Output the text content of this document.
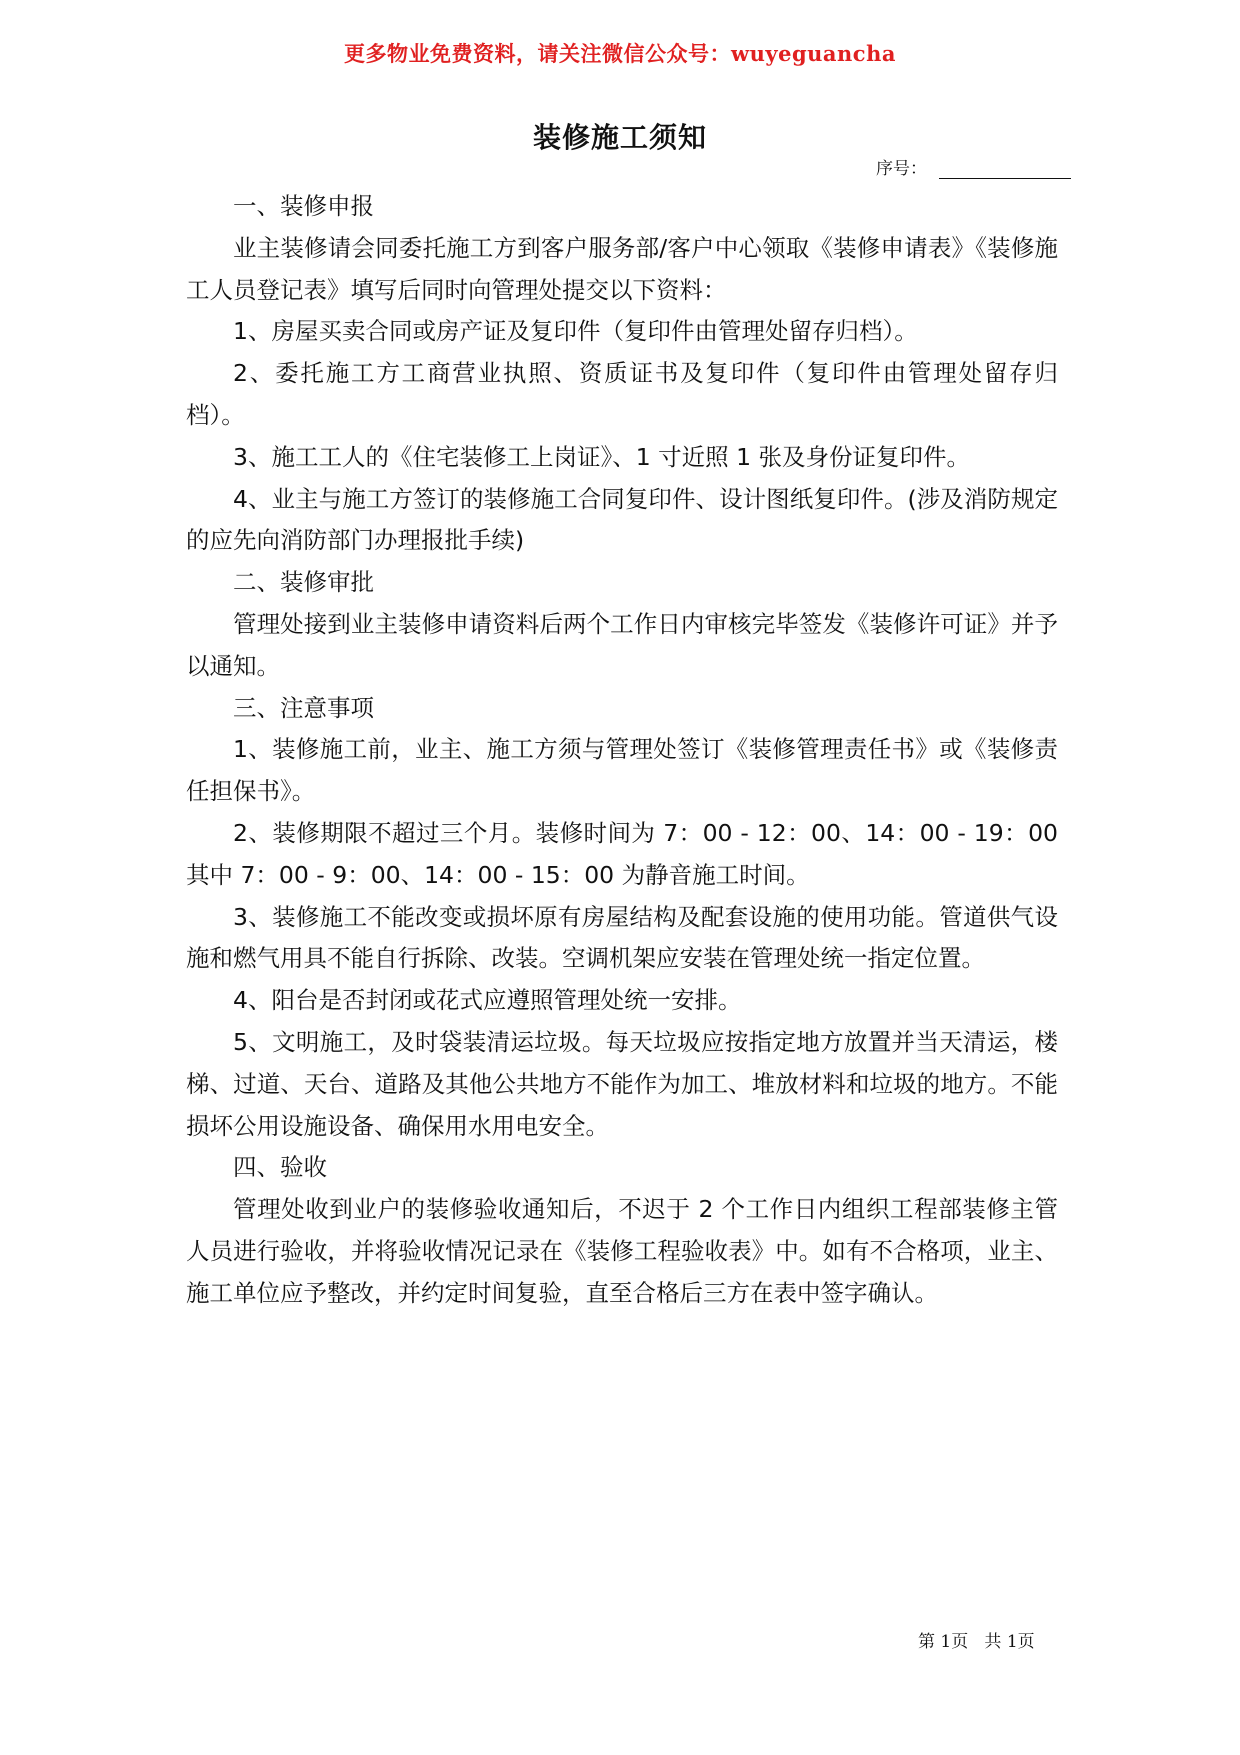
更多物业免费资料，请关注微信公众号：wuyeguancha
装修施工须知
序号：

一、装修申报

业主装修请会同委托施工方到客户服务部/客户中心领取《装修申请表》《装修施工人员登记表》填写后同时向管理处提交以下资料：

1、房屋买卖合同或房产证及复印件（复印件由管理处留存归档）。

2、委托施工方工商营业执照、资质证书及复印件（复印件由管理处留存归档）。

3、施工工人的《住宅装修工上岗证》、1 寸近照 1 张及身份证复印件。

4、业主与施工方签订的装修施工合同复印件、设计图纸复印件。(涉及消防规定的应先向消防部门办理报批手续)

二、装修审批

管理处接到业主装修申请资料后两个工作日内审核完毕签发《装修许可证》并予以通知。

三、注意事项

1、装修施工前，业主、施工方须与管理处签订《装修管理责任书》或《装修责任担保书》。

2、装修期限不超过三个月。装修时间为 7：00 - 12：00、14：00 - 19：00 其中 7：00 - 9：00、14：00 - 15：00 为静音施工时间。

3、装修施工不能改变或损坏原有房屋结构及配套设施的使用功能。管道供气设施和燃气用具不能自行拆除、改装。空调机架应安装在管理处统一指定位置。

4、阳台是否封闭或花式应遵照管理处统一安排。

5、文明施工，及时袋装清运垃圾。每天垃圾应按指定地方放置并当天清运，楼梯、过道、天台、道路及其他公共地方不能作为加工、堆放材料和垃圾的地方。不能损坏公用设施设备、确保用水用电安全。

四、验收

管理处收到业户的装修验收通知后，不迟于 2 个工作日内组织工程部装修主管人员进行验收，并将验收情况记录在《装修工程验收表》中。如有不合格项，业主、施工单位应予整改，并约定时间复验，直至合格后三方在表中签字确认。

第 1页   共 1页
